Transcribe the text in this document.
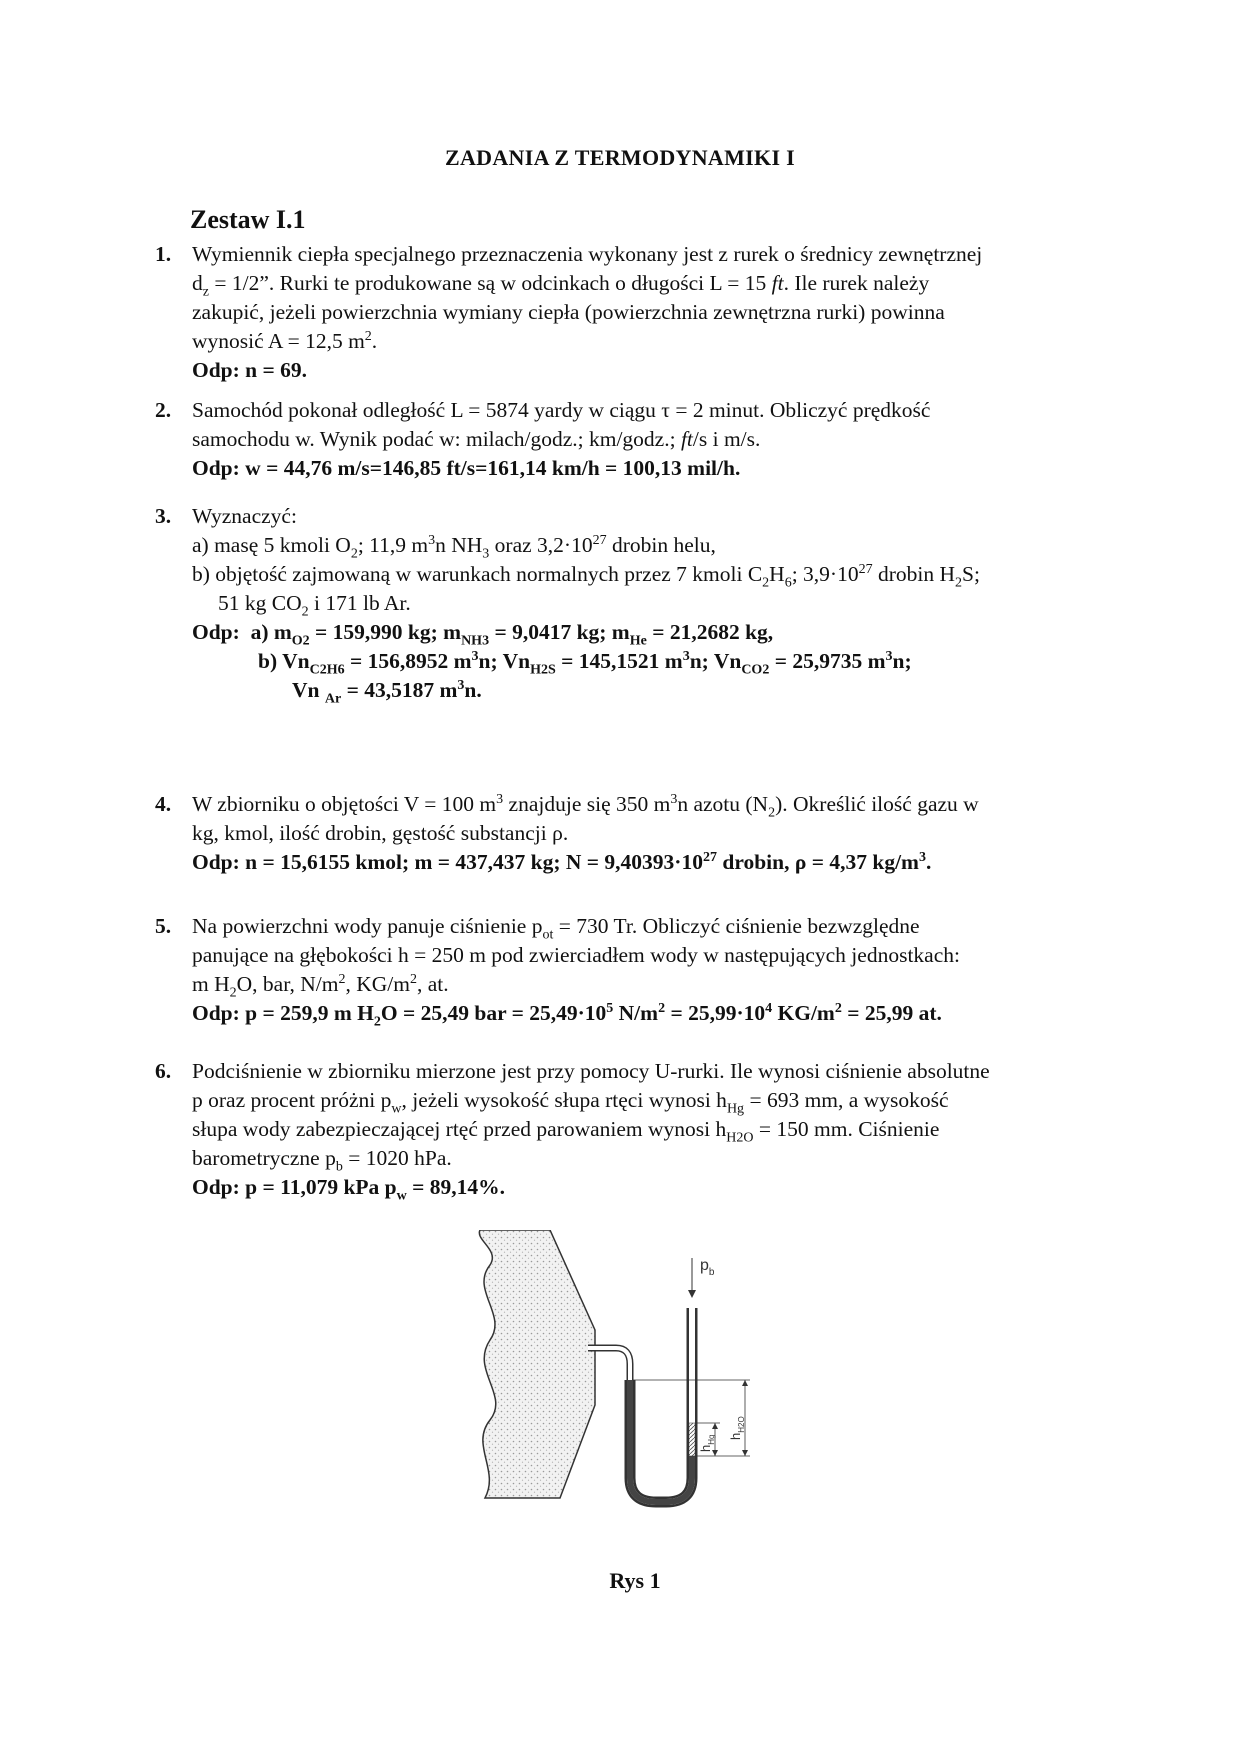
ZADANIA Z TERMODYNAMIKI I
Zestaw I.1
1. Wymiennik ciepła specjalnego przeznaczenia wykonany jest z rurek o średnicy zewnętrznej
$d_z = 1/2$”. Rurki te produkowane są w odcinkach o długości L = 15 ft. Ile rurek należy
zakupić, jeżeli powierzchnia wymiany ciepła (powierzchnia zewnętrzna rurki) powinna
wynosić A = 12,5 $m^2$.
Odp: n = 69.
2. Samochód pokonał odległość L = 5874 yardy w ciągu τ = 2 minut. Obliczyć prędkość
samochodu w. Wynik podać w: milach/godz.; km/godz.; ft/s i m/s.
Odp: w = 44,76 m/s=146,85 ft/s=161,14 km/h = 100,13 mil/h.
3. Wyznaczyć:
a) masę 5 kmoli $O_2$; 11,9 $m^3n$ $NH_3$ oraz $3,2\cdot 10^{27}$ drobin helu,
b) objętość zajmowaną w warunkach normalnych przez 7 kmoli $C_2H_6$; $3,9\cdot 10^{27}$ drobin $H_2S$;
51 kg $CO_2$ i 171 lb Ar.
Odp: a) $m_{O2} = 159,990$ kg; $m_{NH3} = 9,0417$ kg; $m_{He} = 21,2682$ kg,
b) $Vn_{C2H6} = 156,8952$ $m^3n$; $Vn_{H2S} = 145,1521$ $m^3n$; $Vn_{CO2} = 25,9735$ $m^3n$;
Vn $_{Ar}$ = 43,5187 $m^3n$.
4. W zbiorniku o objętości V = 100 $m^3$ znajduje się 350 $m^3n$ azotu $(N_2)$. Określić ilość gazu w
kg, kmol, ilość drobin, gęstość substancji ρ.
Odp: n = 15,6155 kmol; m = 437,437 kg; $N = 9,40393\cdot 10^{27}$ drobin, ρ = 4,37 $kg/m^3$.
5. Na powierzchni wody panuje ciśnienie $p_{ot} = 730$ Tr. Obliczyć ciśnienie bezwzględne
panujące na głębokości h = 250 m pod zwierciadłem wody w następujących jednostkach:
m $H_2O$, bar, $N/m^2$, $KG/m^2$, at.
Odp: p = 259,9 m $H_2O = 25,49$ bar = $25,49\cdot 10^5$ $N/m^2 = 25,99\cdot 10^4$ $KG/m^2 = 25,99$ at.
6. Podciśnienie w zbiorniku mierzone jest przy pomocy U-rurki. Ile wynosi ciśnienie absolutne
p oraz procent próżni $p_w$, jeżeli wysokość słupa rtęci wynosi $h_{Hg} = 693$ mm, a wysokość
słupa wody zabezpieczającej rtęć przed parowaniem wynosi $h_{H2O} = 150$ mm. Ciśnienie
barometryczne $p_b = 1020$ hPa.
Odp: p = 11,079 kPa $p_w = 89,14\%$.
$p_b$
$h_{Hg}$ $h_{H2O}$
Rys 1
